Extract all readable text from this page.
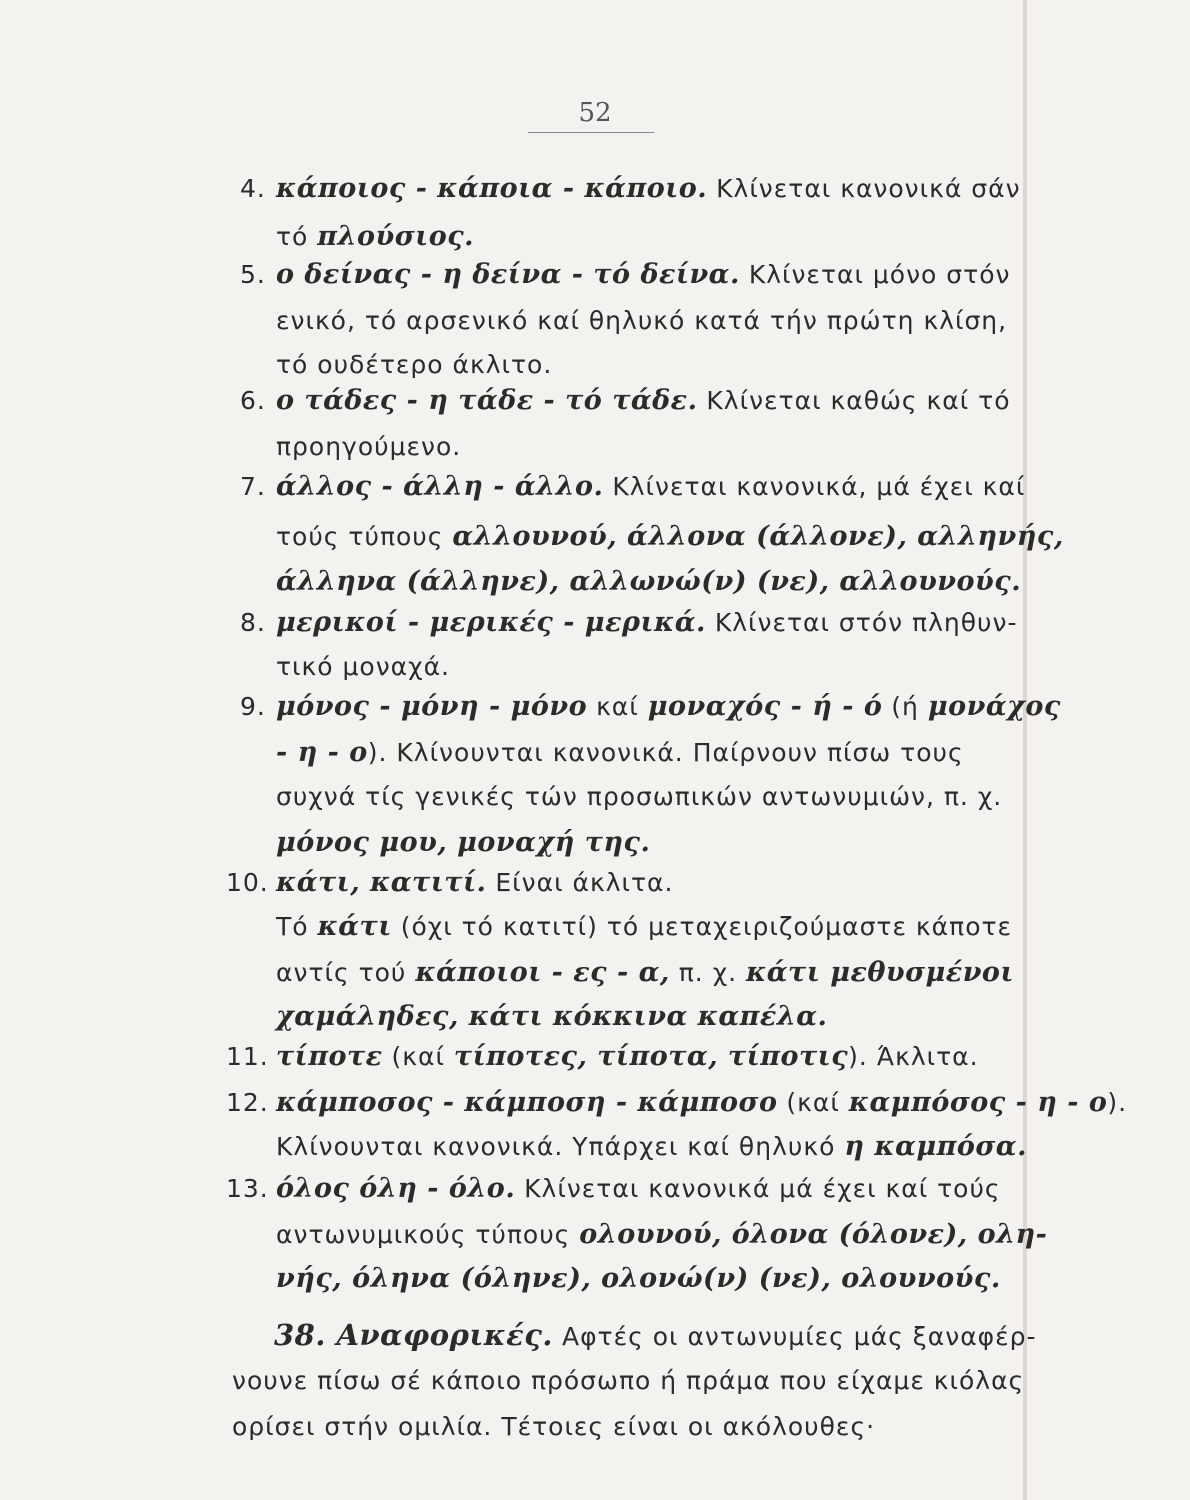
52
4. κάποιος - κάποια - κάποιο. Κλίνεται κανονικά σάν
τό πλούσιος.
5. ο δείνας - η δείνα - τό δείνα. Κλίνεται μόνο στόν
ενικό, τό αρσενικό καί θηλυκό κατά τήν πρώτη κλίση,
τό ουδέτερο άκλιτο.
6. ο τάδες - η τάδε - τό τάδε. Κλίνεται καθώς καί τό
προηγούμενο.
7. άλλος - άλλη - άλλο. Κλίνεται κανονικά, μά έχει καί
τούς τύπους αλλουνού, άλλονα (άλλονε), αλληνής,
άλληνα (άλληνε), αλλωνώ(ν) (νε), αλλουνούς.
8. μερικοί - μερικές - μερικά. Κλίνεται στόν πληθυν-
τικό μοναχά.
9. μόνος - μόνη - μόνο καί μοναχός - ή - ό (ή μονάχος
- η - ο). Κλίνουνται κανονικά. Παίρνουν πίσω τους
συχνά τίς γενικές τών προσωπικών αντωνυμιών, π. χ.
μόνος μου, μοναχή της.
10. κάτι, κατιτί. Είναι άκλιτα.
Τό κάτι (όχι τό κατιτί) τό μεταχειριζούμαστε κάποτε
αντίς τού κάποιοι - ες - α, π. χ. κάτι μεθυσμένοι
χαμάληδες, κάτι κόκκινα καπέλα.
11. τίποτε (καί τίποτες, τίποτα, τίποτις). Άκλιτα.
12. κάμποσος - κάμποση - κάμποσο (καί καμπόσος - η - ο).
Κλίνουνται κανονικά. Υπάρχει καί θηλυκό η καμπόσα.
13. όλος όλη - όλο. Κλίνεται κανονικά μά έχει καί τούς
αντωνυμικούς τύπους ολουνού, όλονα (όλονε), ολη-
νής, όληνα (όληνε), ολονώ(ν) (νε), ολουνούς.
38. Αναφορικές. Αφτές οι αντωνυμίες μάς ξαναφέρ-
νουνε πίσω σέ κάποιο πρόσωπο ή πράμα που είχαμε κιόλας
ορίσει στήν ομιλία. Τέτοιες είναι οι ακόλουθες·
